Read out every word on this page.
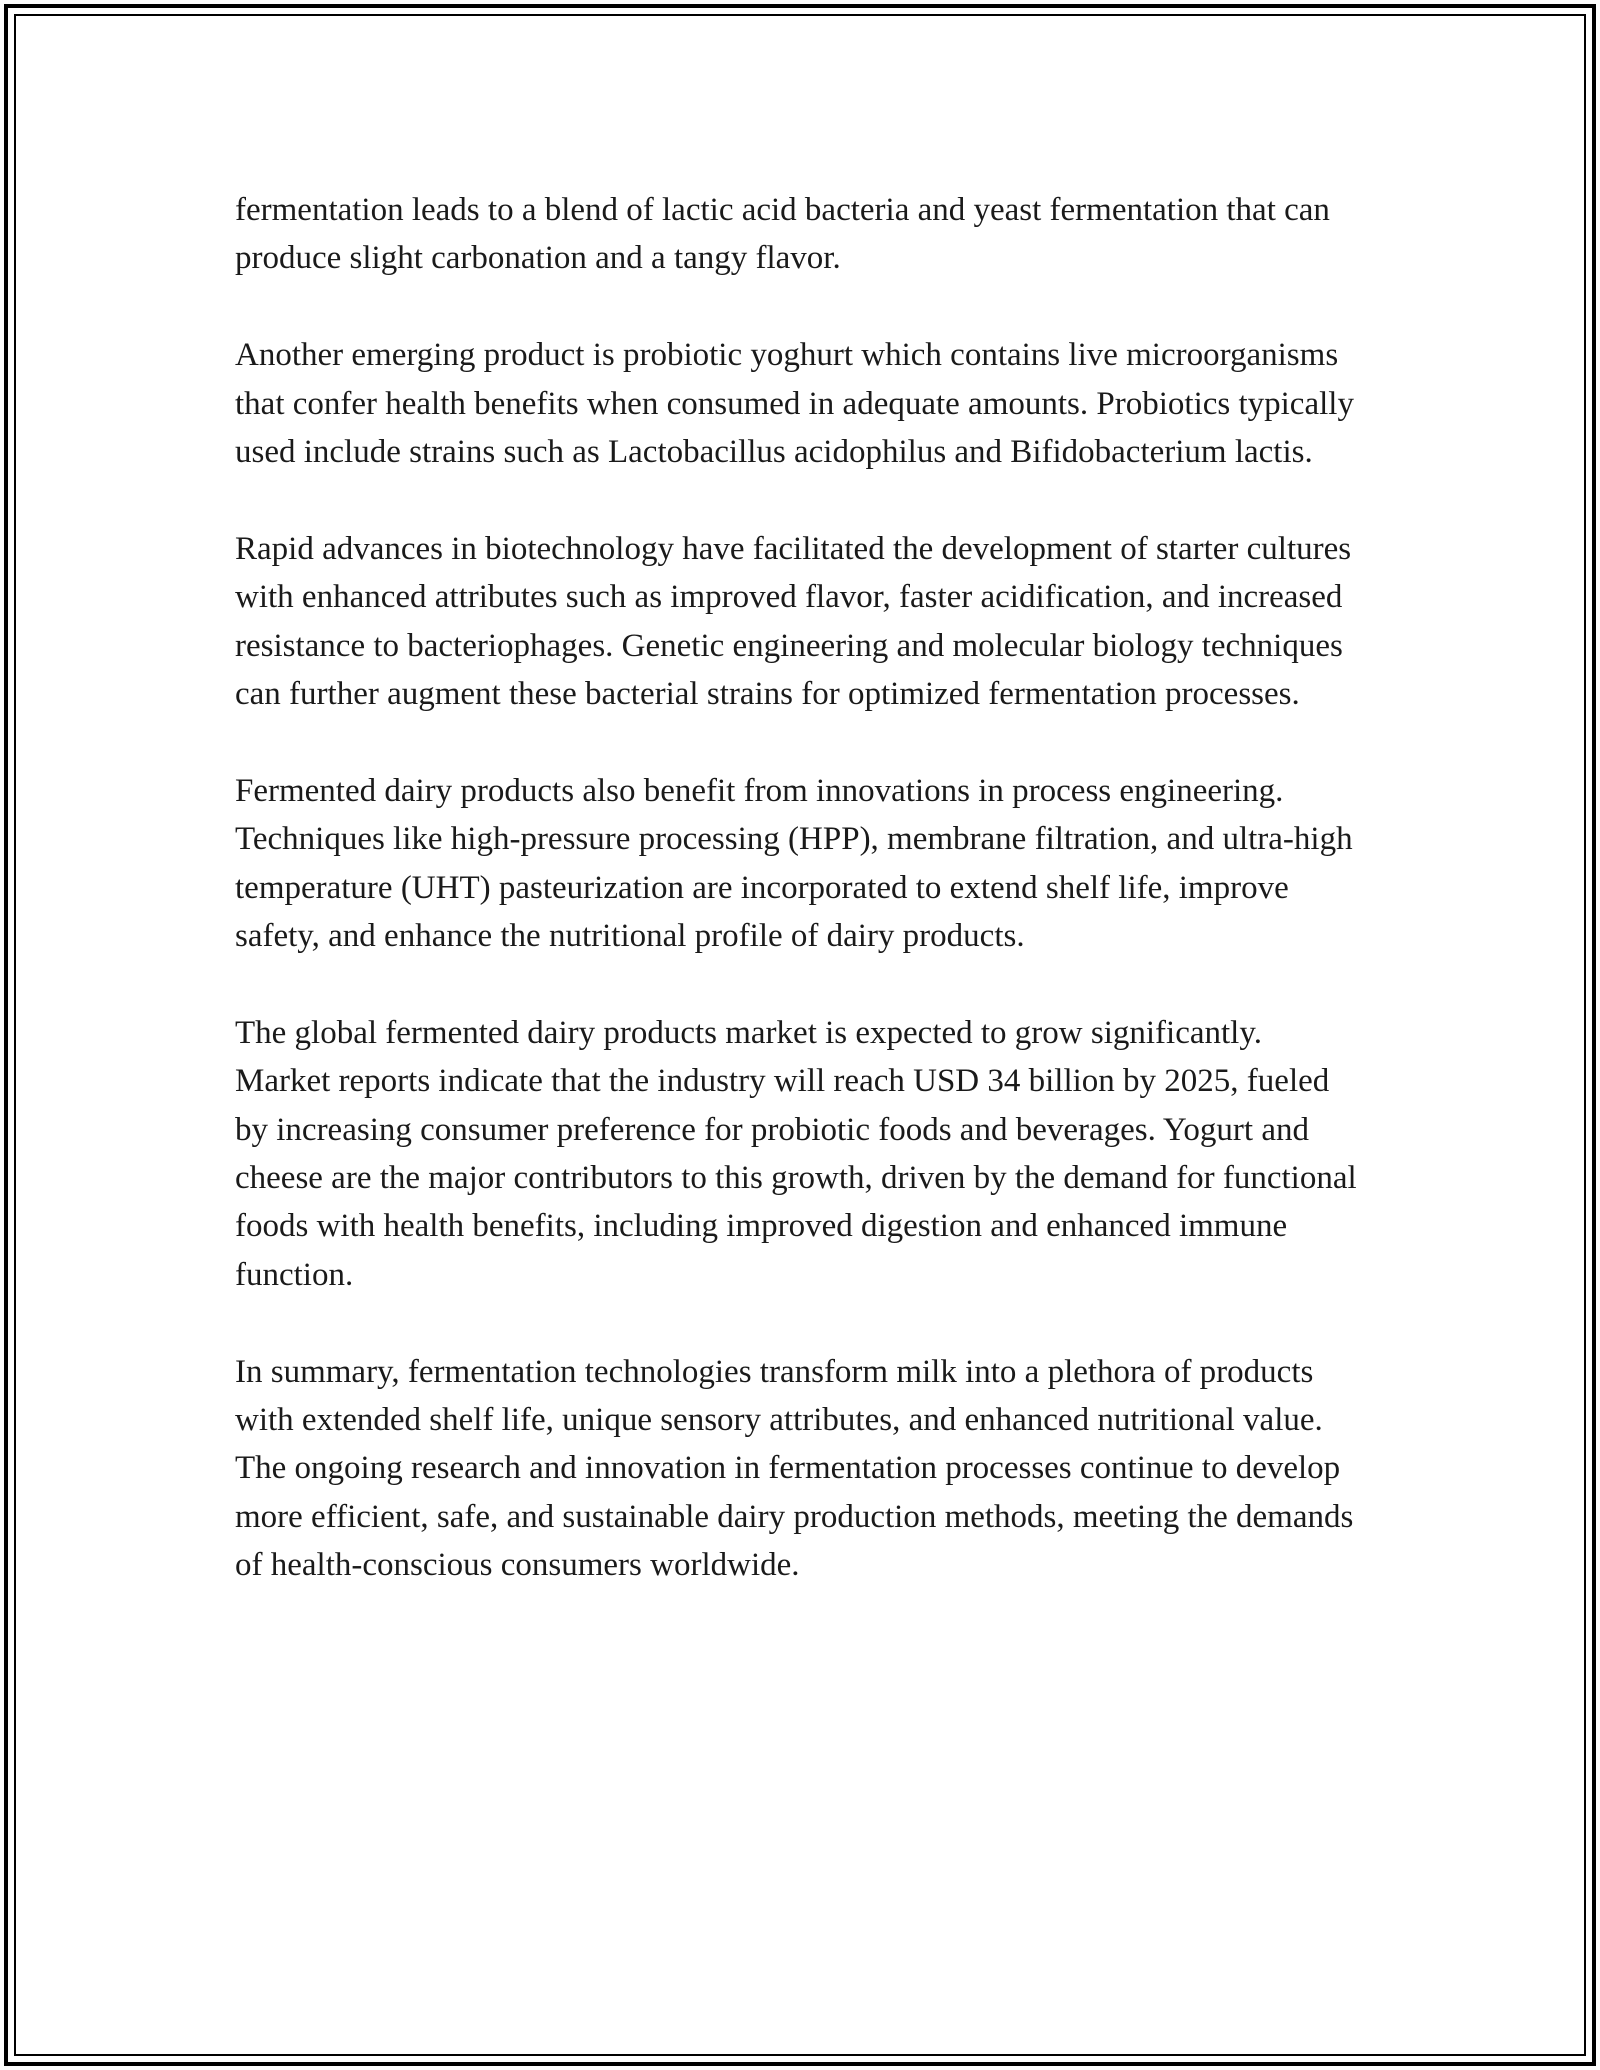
fermentation leads to a blend of lactic acid bacteria and yeast fermentation that can produce slight carbonation and a tangy flavor.

Another emerging product is probiotic yoghurt which contains live microorganisms that confer health benefits when consumed in adequate amounts. Probiotics typically used include strains such as Lactobacillus acidophilus and Bifidobacterium lactis.

Rapid advances in biotechnology have facilitated the development of starter cultures with enhanced attributes such as improved flavor, faster acidification, and increased resistance to bacteriophages. Genetic engineering and molecular biology techniques can further augment these bacterial strains for optimized fermentation processes.

Fermented dairy products also benefit from innovations in process engineering. Techniques like high-pressure processing (HPP), membrane filtration, and ultra-high temperature (UHT) pasteurization are incorporated to extend shelf life, improve safety, and enhance the nutritional profile of dairy products.

The global fermented dairy products market is expected to grow significantly. Market reports indicate that the industry will reach USD 34 billion by 2025, fueled by increasing consumer preference for probiotic foods and beverages. Yogurt and cheese are the major contributors to this growth, driven by the demand for functional foods with health benefits, including improved digestion and enhanced immune function.

In summary, fermentation technologies transform milk into a plethora of products with extended shelf life, unique sensory attributes, and enhanced nutritional value. The ongoing research and innovation in fermentation processes continue to develop more efficient, safe, and sustainable dairy production methods, meeting the demands of health-conscious consumers worldwide.
